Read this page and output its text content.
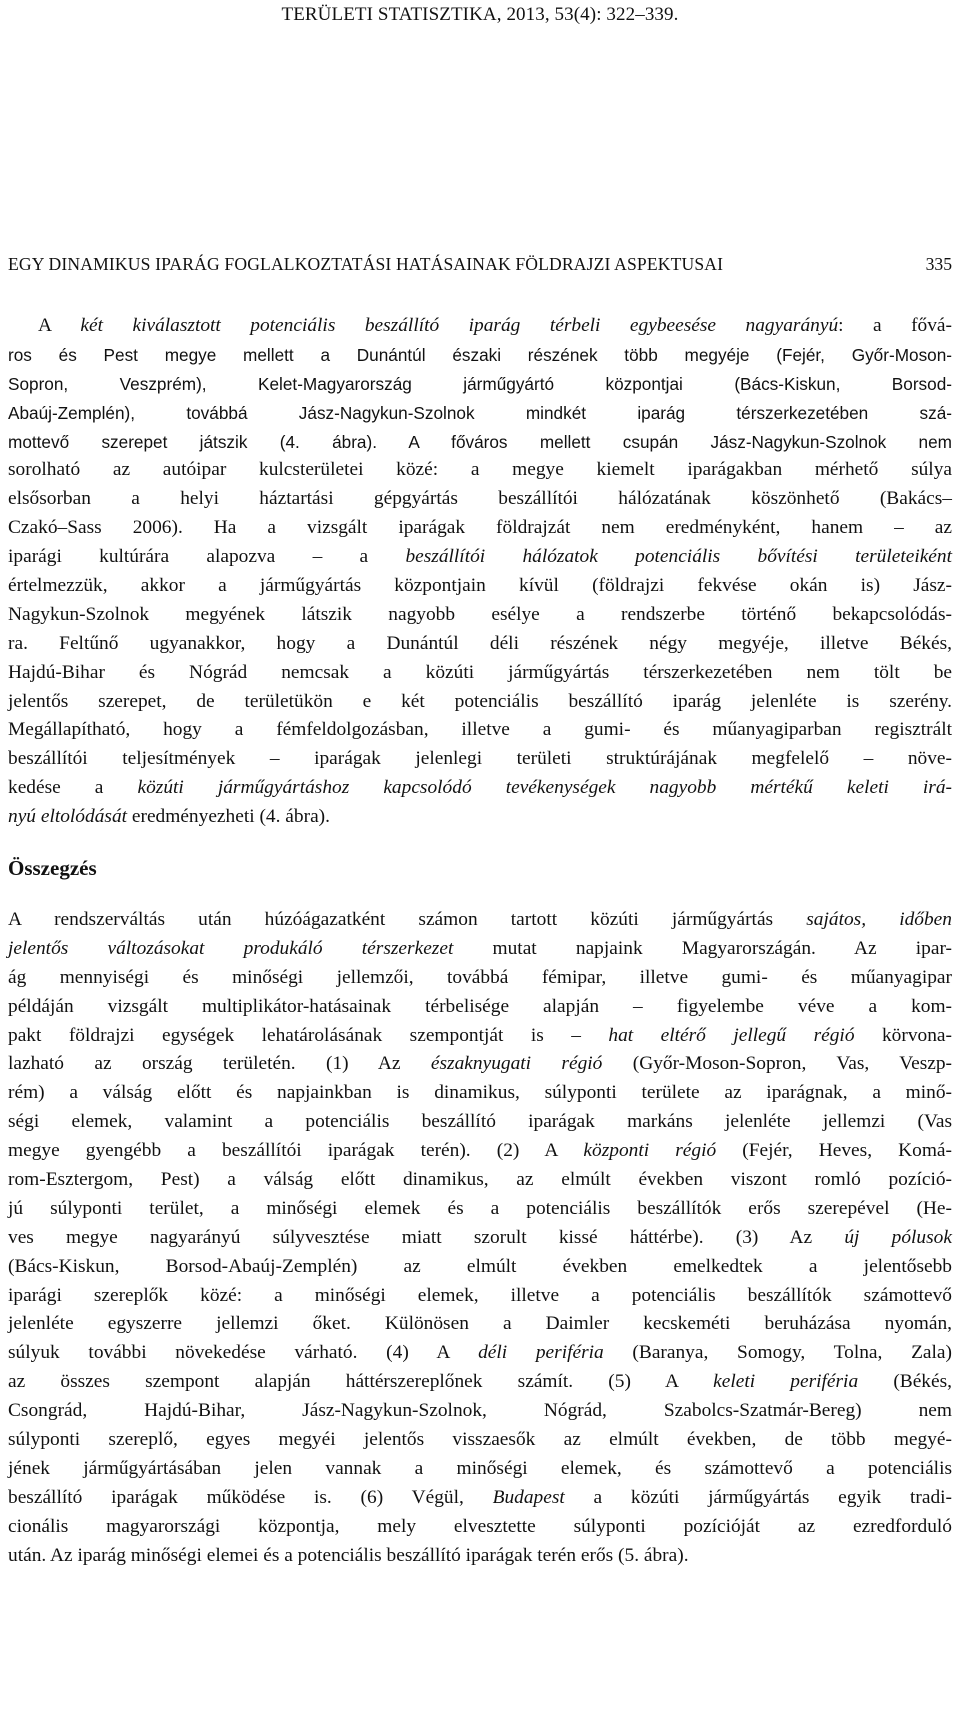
TERÜLETI STATISZTIKA, 2013, 53(4): 322–339.
EGY DINAMIKUS IPARÁG FOGLALKOZTATÁSI HATÁSAINAK FÖLDRAJZI ASPEKTUSAI	335
A két kiválasztott potenciális beszállító iparág térbeli egybeesése nagyarányú: a fővá-
ros és Pest megye mellett a Dunántúl északi részének több megyéje (Fejér, Győr-Moson-
Sopron, Veszprém), Kelet-Magyarország járműgyártó központjai (Bács-Kiskun, Borsod-
Abaúj-Zemplén), továbbá Jász-Nagykun-Szolnok mindkét iparág térszerkezetében szá-
mottevő szerepet játszik (4. ábra). A főváros mellett csupán Jász-Nagykun-Szolnok nem
sorolható az autóipar kulcsterületei közé: a megye kiemelt iparágakban mérhető súlya
elsősorban a helyi háztartási gépgyártás beszállítói hálózatának köszönhető (Bakács–
Czakó–Sass 2006). Ha a vizsgált iparágak földrajzát nem eredményként, hanem – az
iparági kultúrára alapozva – a beszállítói hálózatok potenciális bővítési területeiként
értelmezzük, akkor a járműgyártás központjain kívül (földrajzi fekvése okán is) Jász-
Nagykun-Szolnok megyének látszik nagyobb esélye a rendszerbe történő bekapcsolódás-
ra. Feltűnő ugyanakkor, hogy a Dunántúl déli részének négy megyéje, illetve Békés,
Hajdú-Bihar és Nógrád nemcsak a közúti járműgyártás térszerkezetében nem tölt be
jelentős szerepet, de területükön e két potenciális beszállító iparág jelenléte is szerény.
Megállapítható, hogy a fémfeldolgozásban, illetve a gumi- és műanyagiparban regisztrált
beszállítói teljesítmények – iparágak jelenlegi területi struktúrájának megfelelő – növe-
kedése a közúti járműgyártáshoz kapcsolódó tevékenységek nagyobb mértékű keleti irá-
nyú eltolódását eredményezheti (4. ábra).
Összegzés
A rendszerváltás után húzóágazatként számon tartott közúti járműgyártás sajátos, időben
jelentős változásokat produkáló térszerkezet mutat napjaink Magyarországán. Az ipar-
ág mennyiségi és minőségi jellemzői, továbbá fémipar, illetve gumi- és műanyagipar
példáján vizsgált multiplikátor-hatásainak térbelisége alapján – figyelembe véve a kom-
pakt földrajzi egységek lehatárolásának szempontját is – hat eltérő jellegű régió körvona-
lazható az ország területén. (1) Az északnyugati régió (Győr-Moson-Sopron, Vas, Veszp-
rém) a válság előtt és napjainkban is dinamikus, súlyponti területe az iparágnak, a minő-
ségi elemek, valamint a potenciális beszállító iparágak markáns jelenléte jellemzi (Vas
megye gyengébb a beszállítói iparágak terén). (2) A központi régió (Fejér, Heves, Komá-
rom-Esztergom, Pest) a válság előtt dinamikus, az elmúlt években viszont romló pozíció-
jú súlyponti terület, a minőségi elemek és a potenciális beszállítók erős szerepével (He-
ves megye nagyarányú súlyvesztése miatt szorult kissé háttérbe). (3) Az új pólusok
(Bács-Kiskun, Borsod-Abaúj-Zemplén) az elmúlt években emelkedtek a jelentősebb
iparági szereplők közé: a minőségi elemek, illetve a potenciális beszállítók számottevő
jelenléte egyszerre jellemzi őket. Különösen a Daimler kecskeméti beruházása nyomán,
súlyuk további növekedése várható. (4) A déli periféria (Baranya, Somogy, Tolna, Zala)
az összes szempont alapján háttérszereplőnek számít. (5) A keleti periféria (Békés,
Csongrád, Hajdú-Bihar, Jász-Nagykun-Szolnok, Nógrád, Szabolcs-Szatmár-Bereg) nem
súlyponti szereplő, egyes megyéi jelentős visszaesők az elmúlt években, de több megyé-
jének járműgyártásában jelen vannak a minőségi elemek, és számottevő a potenciális
beszállító iparágak működése is. (6) Végül, Budapest a közúti járműgyártás egyik tradi-
cionális magyarországi központja, mely elvesztette súlyponti pozícióját az ezredforduló
után. Az iparág minőségi elemei és a potenciális beszállító iparágak terén erős (5. ábra).
